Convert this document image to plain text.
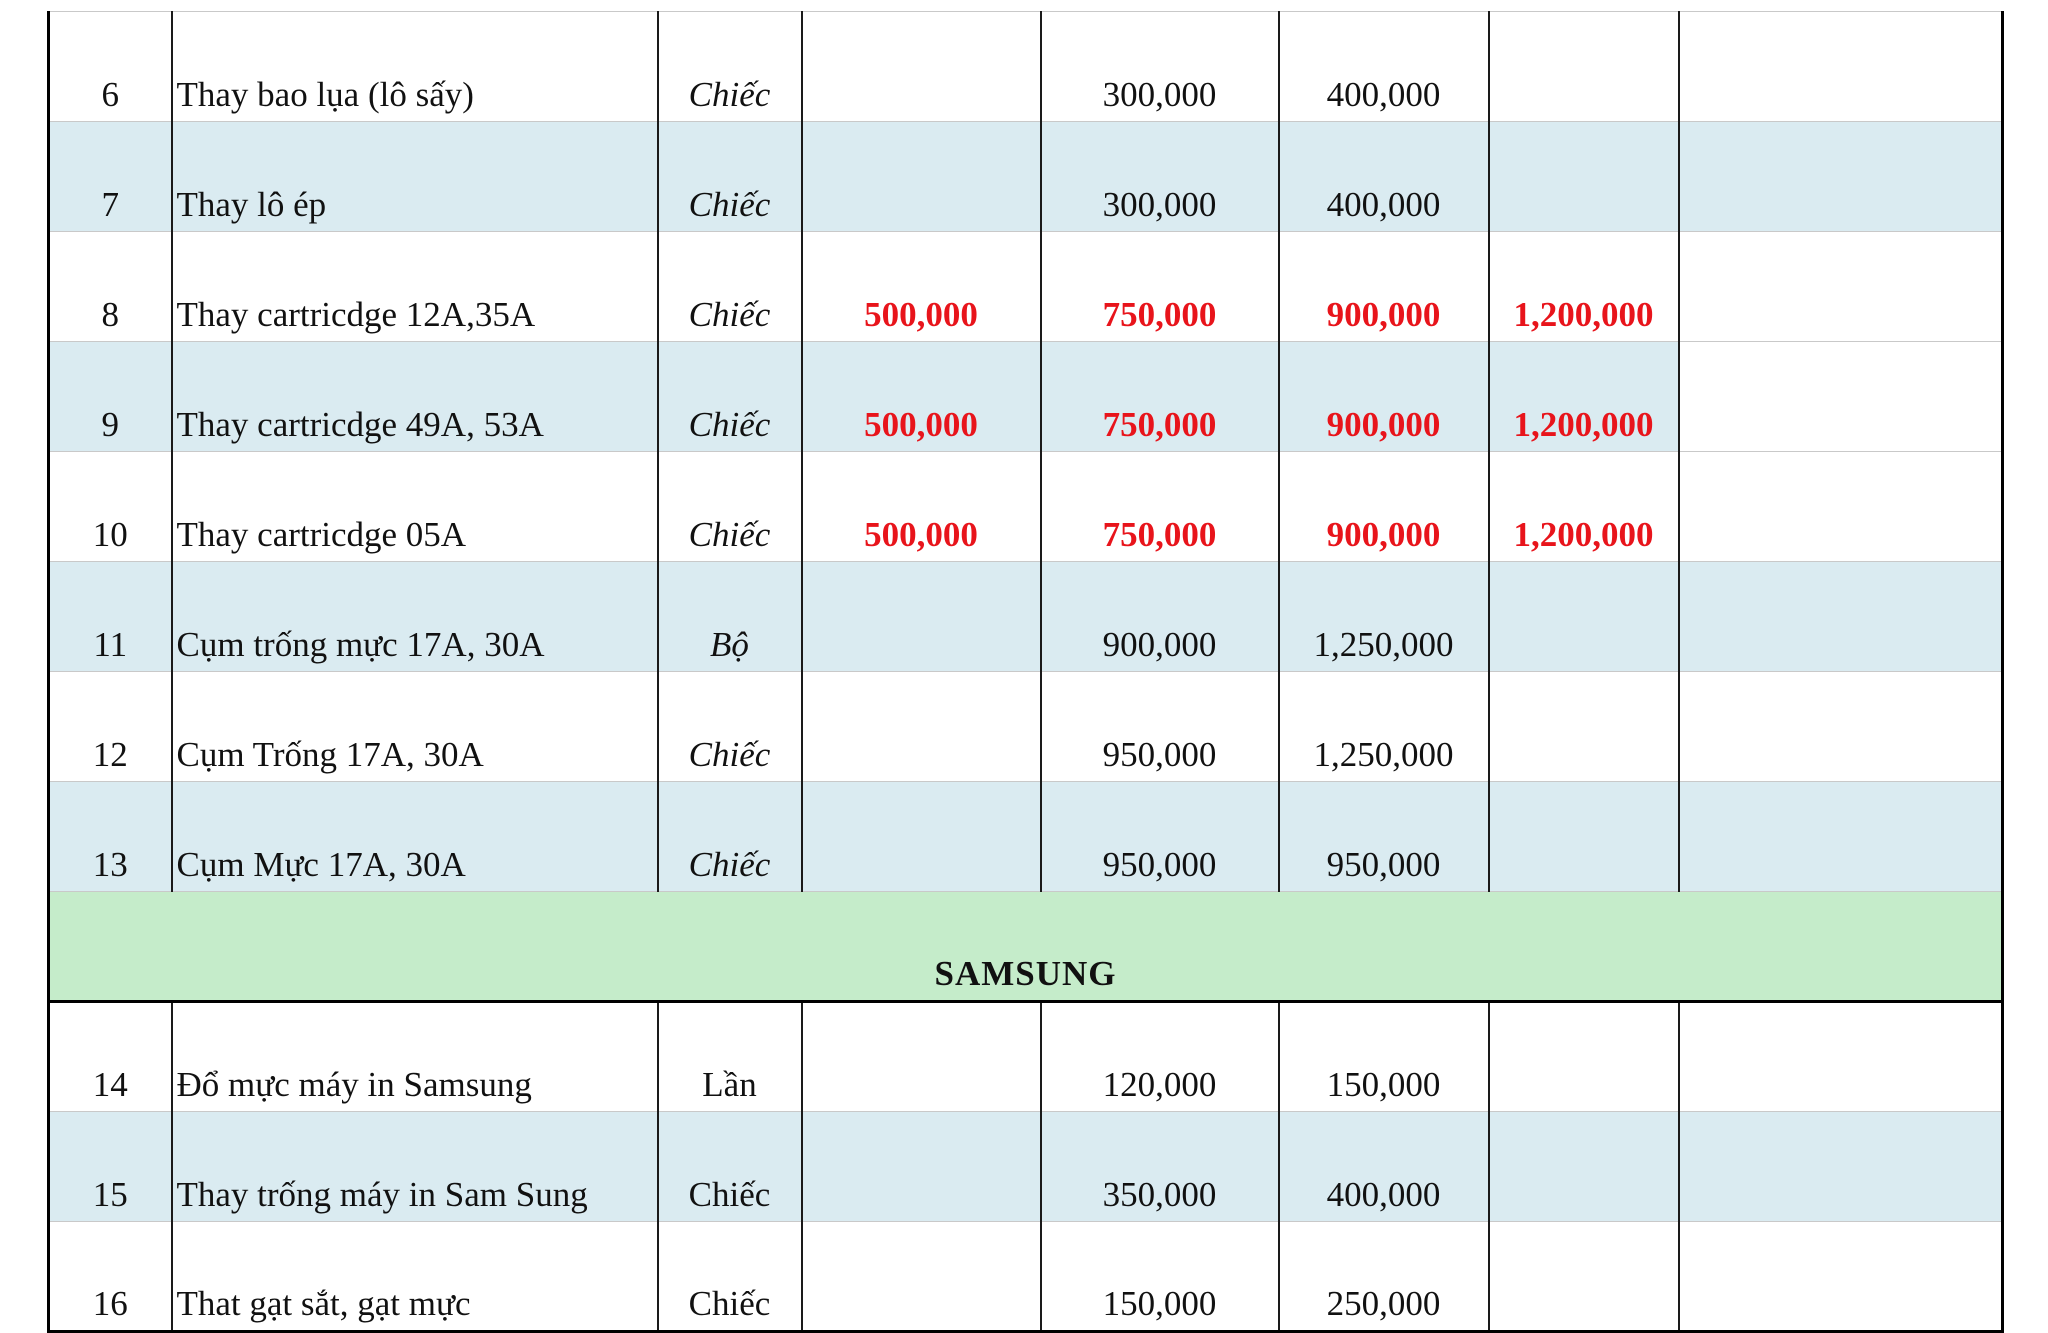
6	Thay bao lụa (lô sấy)	Chiếc		300,000	400,000		
7	Thay lô ép	Chiếc		300,000	400,000		
8	Thay cartricdge 12A,35A	Chiếc	500,000	750,000	900,000	1,200,000	
9	Thay cartricdge 49A, 53A	Chiếc	500,000	750,000	900,000	1,200,000	
10	Thay cartricdge 05A	Chiếc	500,000	750,000	900,000	1,200,000	
11	Cụm trống mực 17A, 30A	Bộ		900,000	1,250,000		
12	Cụm Trống 17A, 30A	Chiếc		950,000	1,250,000		
13	Cụm Mực 17A, 30A	Chiếc		950,000	950,000		
SAMSUNG							
14	Đổ mực máy in Samsung	Lần		120,000	150,000		
15	Thay trống máy in Sam Sung	Chiếc		350,000	400,000		
16	That gạt sắt, gạt mực	Chiếc		150,000	250,000		
